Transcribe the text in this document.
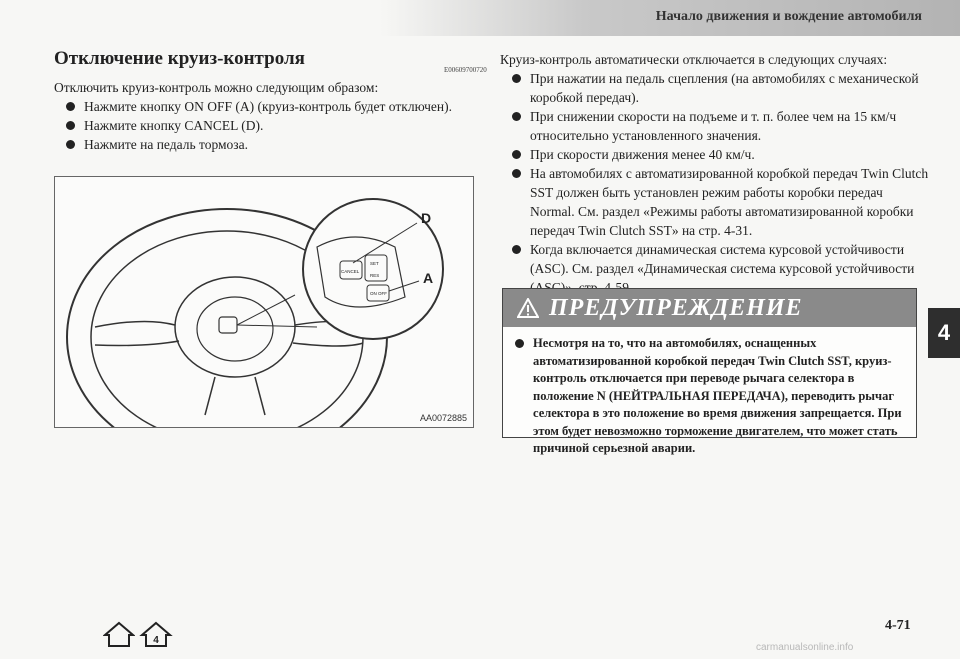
Начало движения и вождение автомобиля
Отключение круиз-контроля
E00609700720

Отключить круиз-контроль можно следующим образом:

Нажмите кнопку ON OFF (A) (круиз-контроль будет отключен).
Нажмите кнопку CANCEL (D).
Нажмите на педаль тормоза.
CANCEL
SET
RES
ON OFF
D
A
AA0072885

Круиз-контроль автоматически отключается в следующих случаях:

При нажатии на педаль сцепления (на автомобилях с механической коробкой передач).
При снижении скорости на подъеме и т. п. более чем на 15 км/ч относительно установленного значения.
При скорости движения менее 40 км/ч.
На автомобилях с автоматизированной коробкой передач Twin Clutch SST должен быть установлен режим работы коробки передач Normal. См. раздел «Режимы работы автоматизированной коробки передач Twin Clutch SST» на стр. 4-31.
Когда включается динамическая система курсовой устойчивости (ASC). См. раздел «Динамическая система курсовой устойчивости
ПРЕДУПРЕЖДЕНИЕ
Несмотря на то, что на автомобилях, оснащенных автоматизированной коробкой передач Twin Clutch SST, круиз-контроль отключается при переводе рычага селектора в положение N (НЕЙТРАЛЬНАЯ ПЕРЕДАЧА), переводить рычаг селектора в это положение во время движения запрещается. При этом будет невозможно торможение двигателем, что может стать причиной серьезной аварии.
4
4
4-71
carmanualsonline.info
